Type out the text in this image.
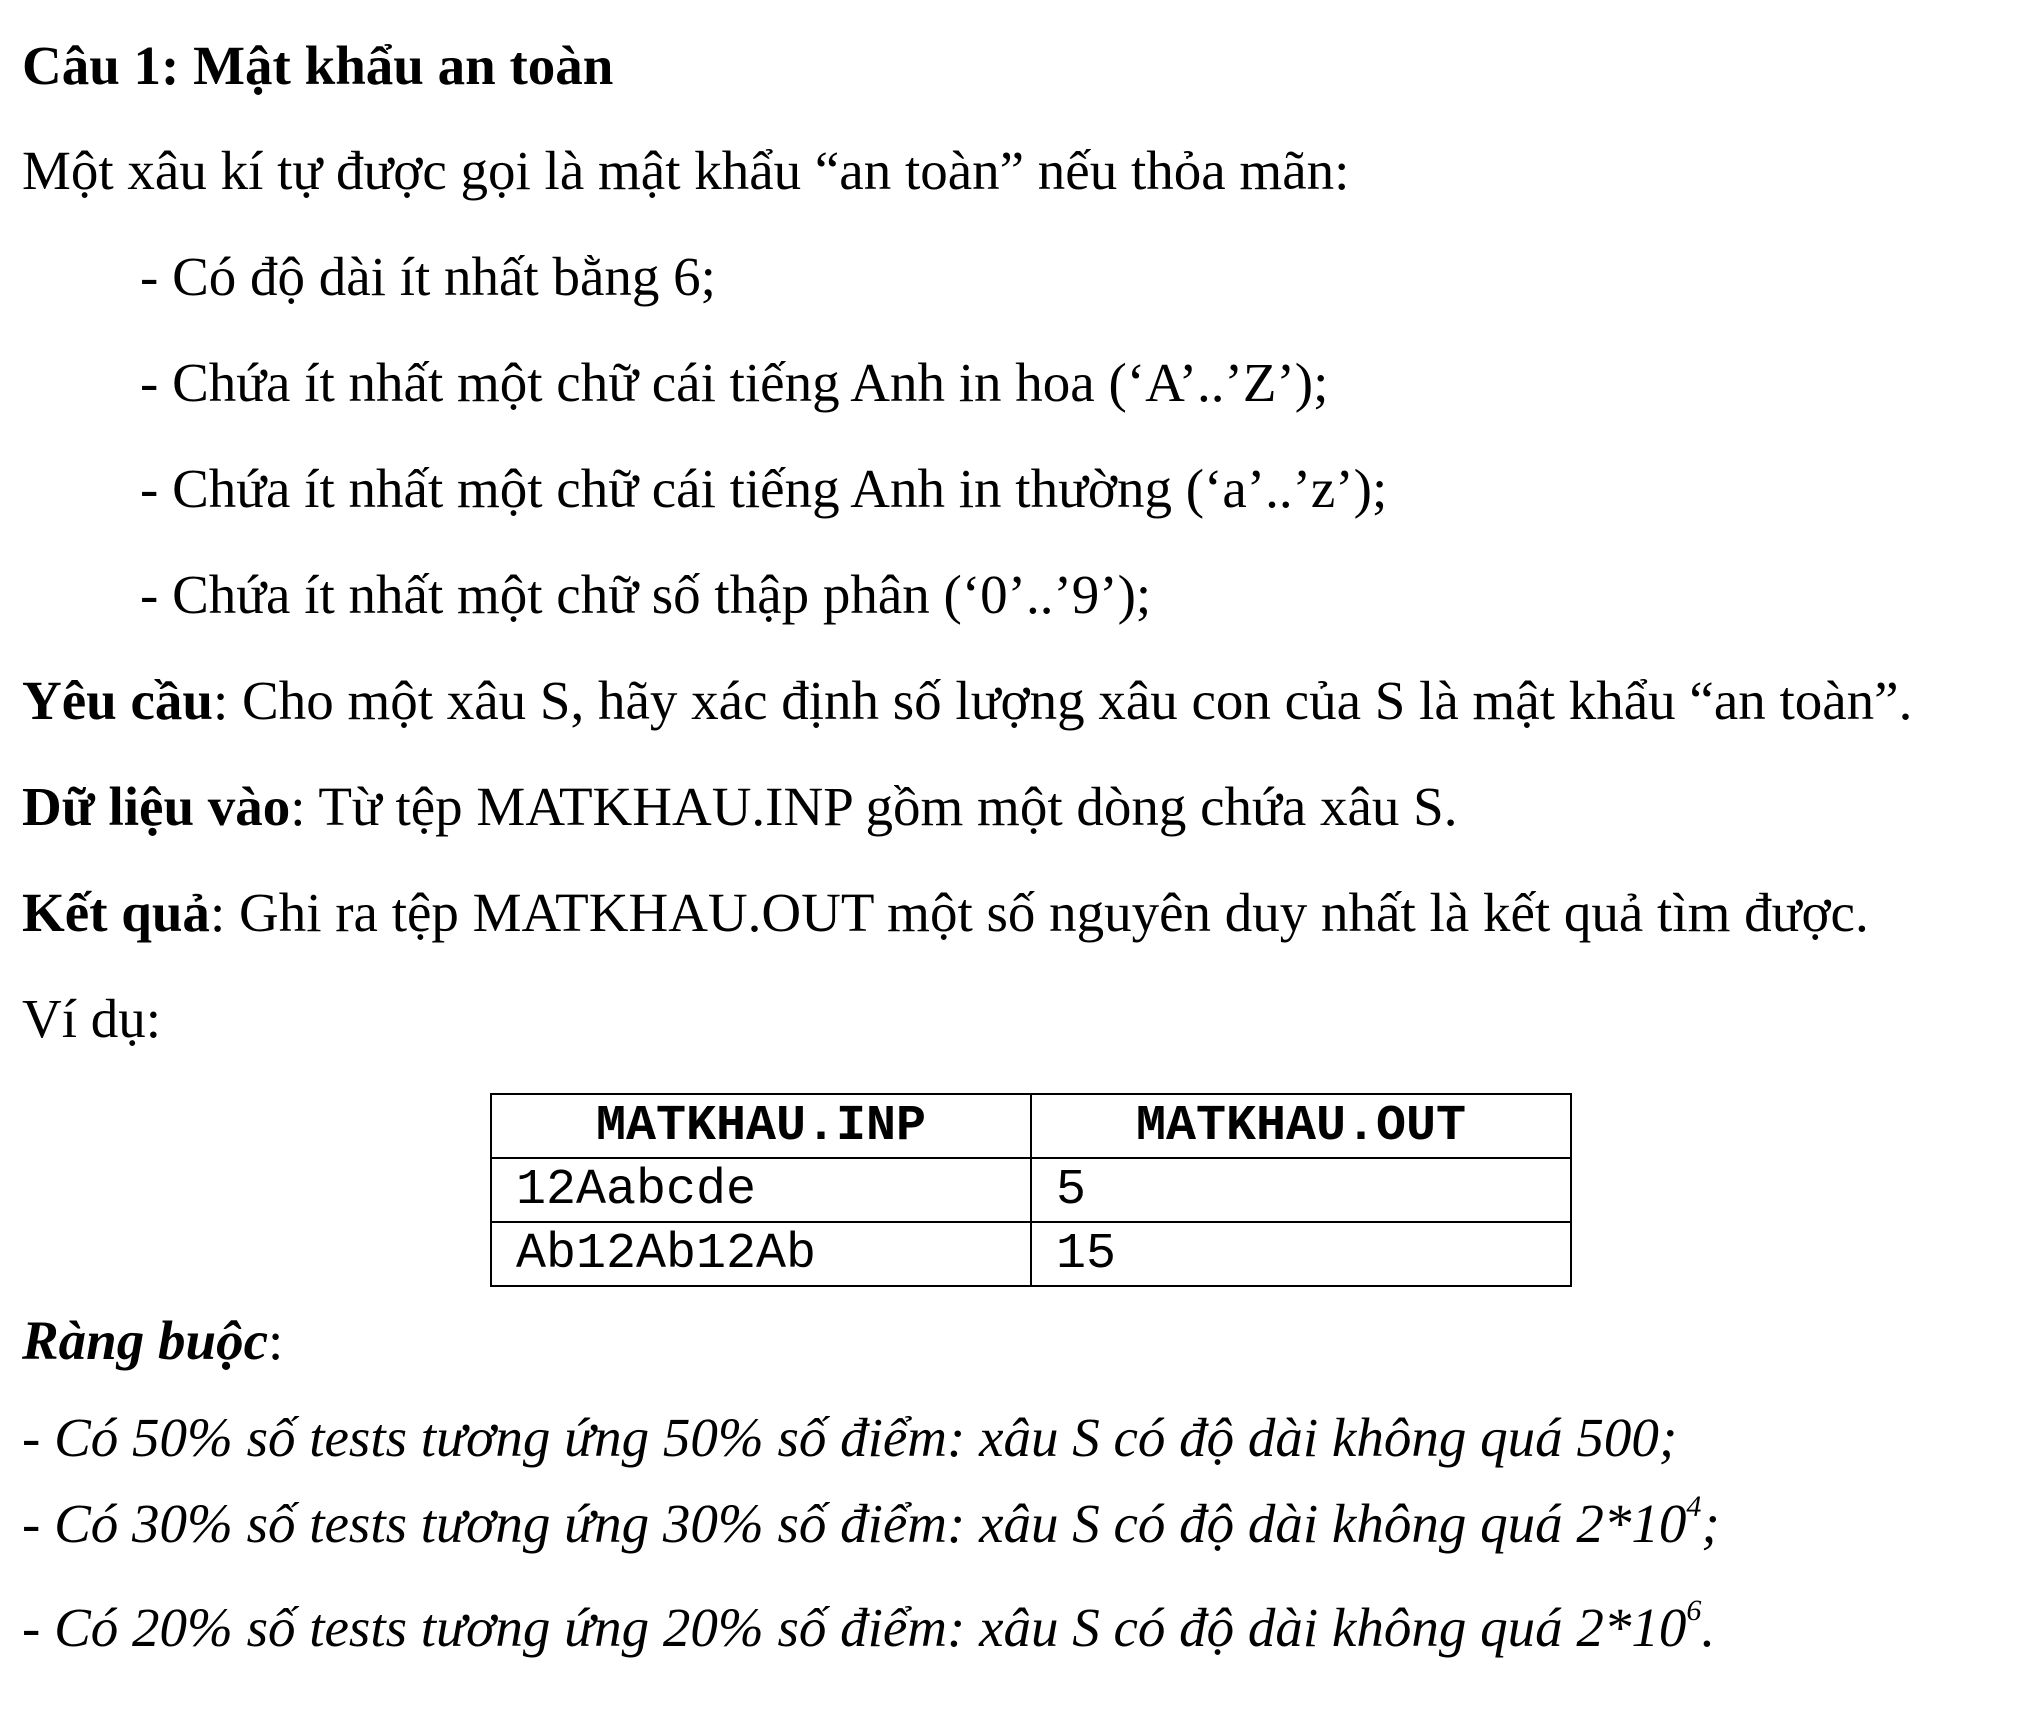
Câu 1: Mật khẩu an toàn
Một xâu kí tự được gọi là mật khẩu “an toàn” nếu thỏa mãn:
- Có độ dài ít nhất bằng 6;
- Chứa ít nhất một chữ cái tiếng Anh in hoa (‘A’..’Z’);
- Chứa ít nhất một chữ cái tiếng Anh in thường (‘a’..’z’);
- Chứa ít nhất một chữ số thập phân (‘0’..’9’);
Yêu cầu: Cho một xâu S, hãy xác định số lượng xâu con của S là mật khẩu “an toàn”.
Dữ liệu vào: Từ tệp MATKHAU.INP gồm một dòng chứa xâu S.
Kết quả: Ghi ra tệp MATKHAU.OUT một số nguyên duy nhất là kết quả tìm được.
Ví dụ:
MATKHAU.INP	MATKHAU.OUT
12Aabcde	5
Ab12Ab12Ab	15
Ràng buộc:
- Có 50% số tests tương ứng 50% số điểm: xâu S có độ dài không quá 500;
- Có 30% số tests tương ứng 30% số điểm: xâu S có độ dài không quá $2*10^4$;
- Có 20% số tests tương ứng 20% số điểm: xâu S có độ dài không quá $2*10^6$.
